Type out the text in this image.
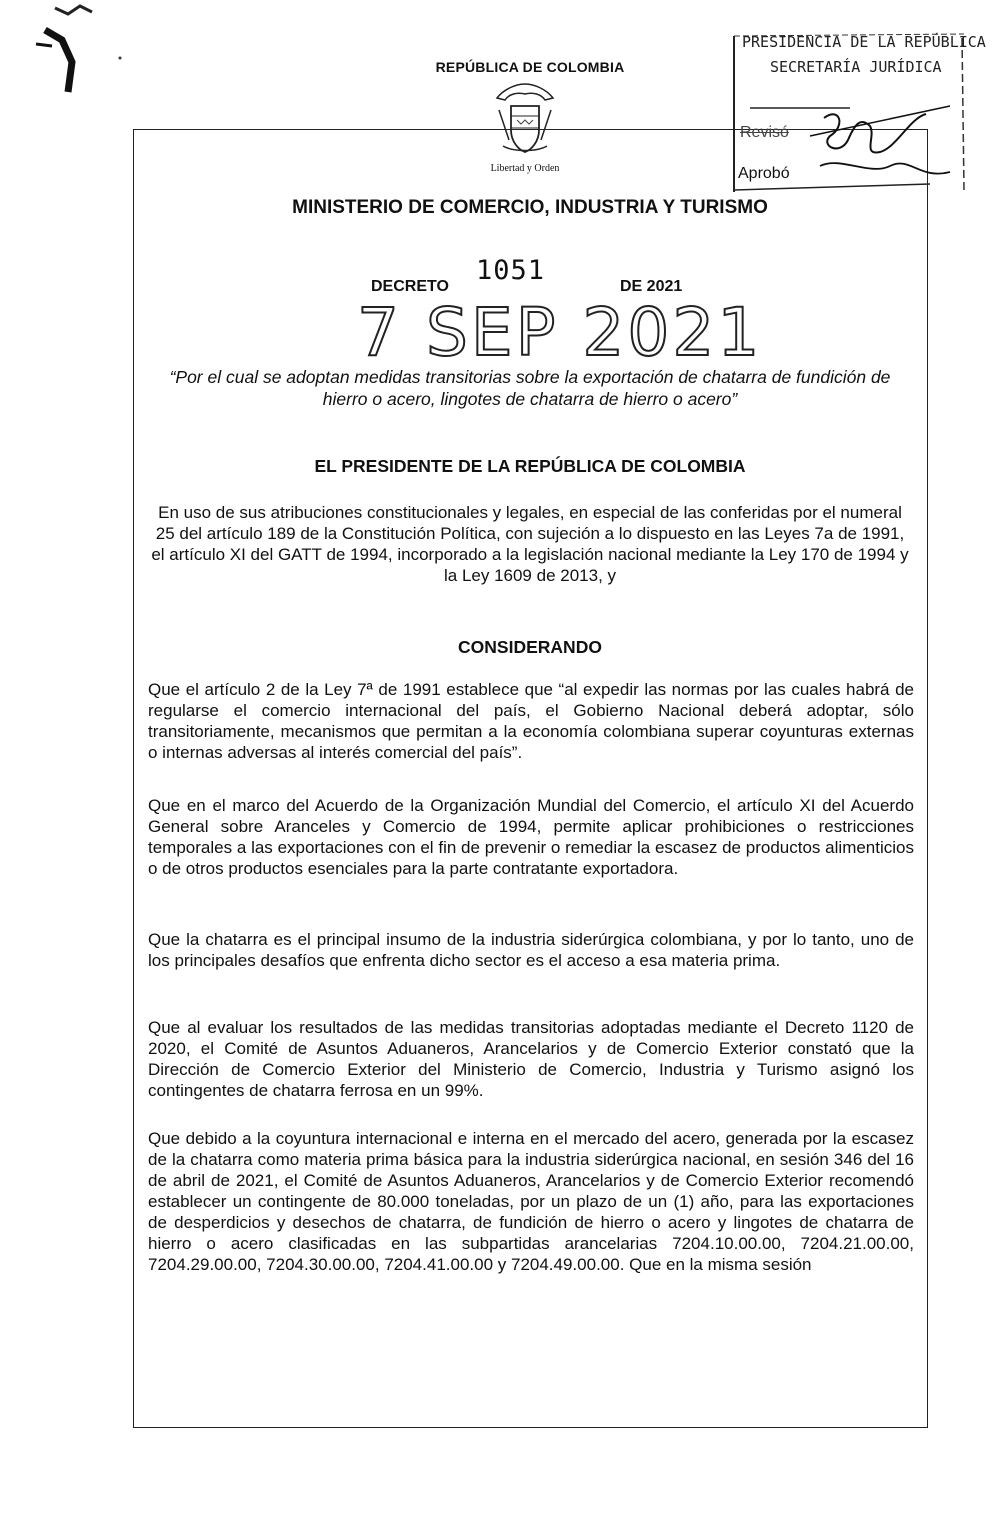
REPÚBLICA DE COLOMBIA
Libertad y Orden
MINISTERIO DE COMERCIO, INDUSTRIA Y TURISMO
PRESIDENCIA DE LA REPÚBLICA
SECRETARÍA JURÍDICA
Revisó
Aprobó
DECRETO
1051
DE 2021
7 SEP 2021
“Por el cual se adoptan medidas transitorias sobre la exportación de chatarra de fundición de hierro o acero, lingotes de chatarra de hierro o acero”
EL PRESIDENTE DE LA REPÚBLICA DE COLOMBIA
En uso de sus atribuciones constitucionales y legales, en especial de las conferidas por el numeral 25 del artículo 189 de la Constitución Política, con sujeción a lo dispuesto en las Leyes 7a de 1991, el artículo XI del GATT de 1994, incorporado a la legislación nacional mediante la Ley 170 de 1994 y la Ley 1609 de 2013, y
CONSIDERANDO
Que el artículo 2 de la Ley 7ª de 1991 establece que “al expedir las normas por las cuales habrá de regularse el comercio internacional del país, el Gobierno Nacional deberá adoptar, sólo transitoriamente, mecanismos que permitan a la economía colombiana superar coyunturas externas o internas adversas al interés comercial del país”.
Que en el marco del Acuerdo de la Organización Mundial del Comercio, el artículo XI del Acuerdo General sobre Aranceles y Comercio de 1994, permite aplicar prohibiciones o restricciones temporales a las exportaciones con el fin de prevenir o remediar la escasez de productos alimenticios o de otros productos esenciales para la parte contratante exportadora.
Que la chatarra es el principal insumo de la industria siderúrgica colombiana, y por lo tanto, uno de los principales desafíos que enfrenta dicho sector es el acceso a esa materia prima.
Que al evaluar los resultados de las medidas transitorias adoptadas mediante el Decreto 1120 de 2020, el Comité de Asuntos Aduaneros, Arancelarios y de Comercio Exterior constató que la Dirección de Comercio Exterior del Ministerio de Comercio, Industria y Turismo asignó los contingentes de chatarra ferrosa en un 99%.
Que debido a la coyuntura internacional e interna en el mercado del acero, generada por la escasez de la chatarra como materia prima básica para la industria siderúrgica nacional, en sesión 346 del 16 de abril de 2021, el Comité de Asuntos Aduaneros, Arancelarios y de Comercio Exterior recomendó establecer un contingente de 80.000 toneladas, por un plazo de un (1) año, para las exportaciones de desperdicios y desechos de chatarra, de fundición de hierro o acero y lingotes de chatarra de hierro o acero clasificadas en las subpartidas arancelarias 7204.10.00.00, 7204.21.00.00, 7204.29.00.00, 7204.30.00.00, 7204.41.00.00 y 7204.49.00.00. Que en la misma sesión
